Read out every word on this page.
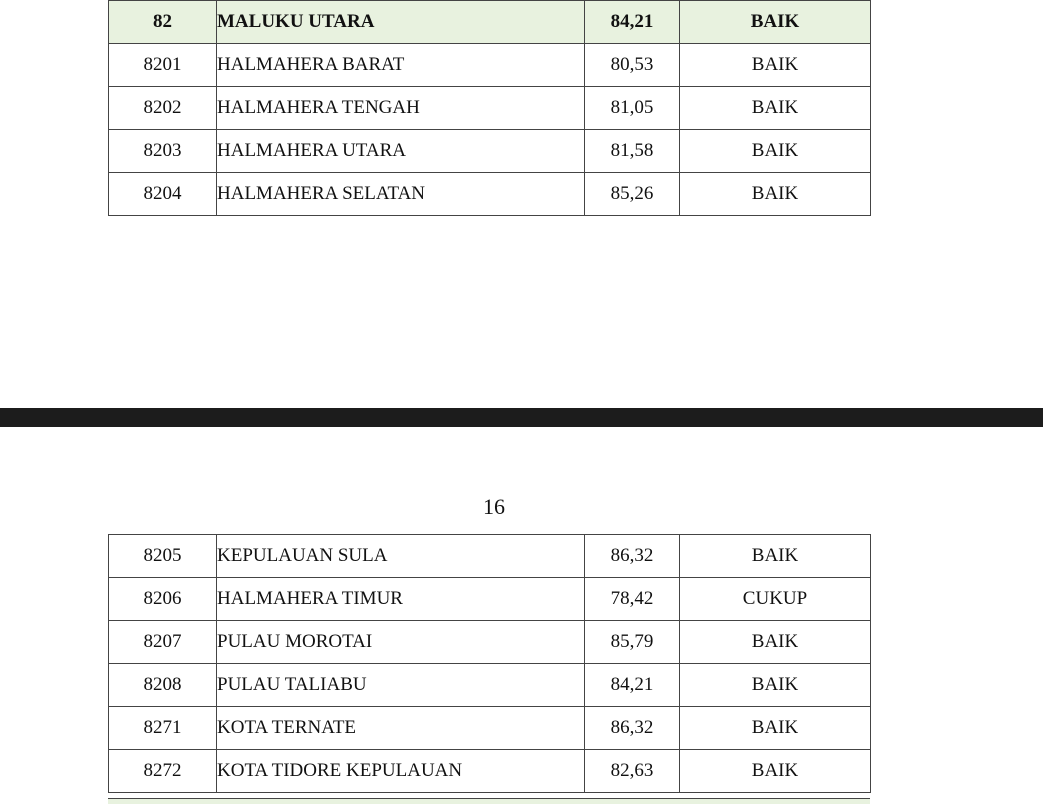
82	MALUKU UTARA	84,21	BAIK
8201	HALMAHERA BARAT	80,53	BAIK
8202	HALMAHERA TENGAH	81,05	BAIK
8203	HALMAHERA UTARA	81,58	BAIK
8204	HALMAHERA SELATAN	85,26	BAIK
16
8205	KEPULAUAN SULA	86,32	BAIK
8206	HALMAHERA TIMUR	78,42	CUKUP
8207	PULAU MOROTAI	85,79	BAIK
8208	PULAU TALIABU	84,21	BAIK
8271	KOTA TERNATE	86,32	BAIK
8272	KOTA TIDORE KEPULAUAN	82,63	BAIK
